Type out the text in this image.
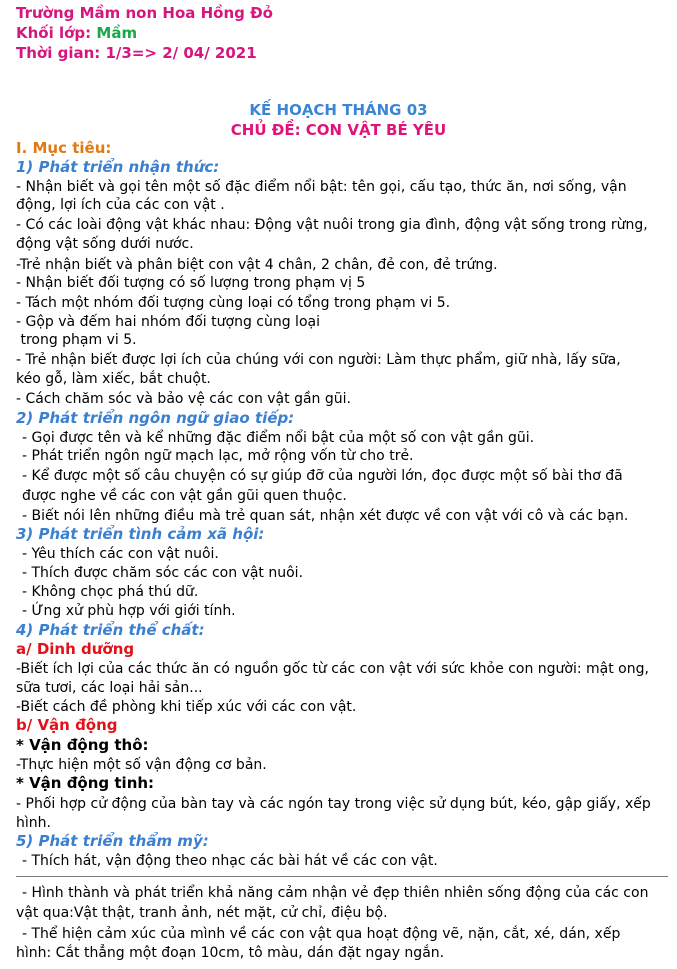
Trường Mầm non Hoa Hồng Đỏ
Khối lớp: Mầm
Thời gian: 1/3=> 2/ 04/ 2021
KẾ HOẠCH THÁNG 03
CHỦ ĐỀ: CON VẬT BÉ YÊU
I. Mục tiêu:
1) Phát triển nhận thức:
- Nhận biết và gọi tên một số đặc điểm nổi bật: tên gọi, cấu tạo, thức ăn, nơi sống, vận
động, lợi ích của các con vật .
- Có các loài động vật khác nhau: Động vật nuôi trong gia đình, động vật sống trong rừng,
động vật sống dưới nước.
-Trẻ nhận biết và phân biệt con vật 4 chân, 2 chân, đẻ con, đẻ trứng.
- Nhận biết đối tượng có số lượng trong phạm vị 5
- Tách một nhóm đối tượng cùng loại có tổng trong phạm vi 5.
- Gộp và đếm hai nhóm đối tượng cùng loại
trong phạm vi 5.
- Trẻ nhận biết được lợi ích của chúng với con người: Làm thực phẩm, giữ nhà, lấy sữa,
kéo gỗ, làm xiếc, bắt chuột.
- Cách chăm sóc và bảo vệ các con vật gần gũi.
2) Phát triển ngôn ngữ giao tiếp:
- Gọi được tên và kể những đặc điểm nổi bật của một số con vật gần gũi.
- Phát triển ngôn ngữ mạch lạc, mở rộng vốn từ cho trẻ.
- Kể được một số câu chuyện có sự giúp đỡ của người lớn, đọc được một số bài thơ đã
được nghe về các con vật gần gũi quen thuộc.
- Biết nói lên những điều mà trẻ quan sát, nhận xét được về con vật với cô và các bạn.
3) Phát triển tình cảm xã hội:
- Yêu thích các con vật nuôi.
- Thích được chăm sóc các con vật nuôi.
- Không chọc phá thú dữ.
- Ứng xử phù hợp với giới tính.
4) Phát triển thể chất:
a/ Dinh dưỡng
-Biết ích lợi của các thức ăn có nguồn gốc từ các con vật với sức khỏe con người: mật ong,
sữa tươi, các loại hải sản...
-Biết cách đề phòng khi tiếp xúc với các con vật.
b/ Vận động
* Vận động thô:
-Thực hiện một số vận động cơ bản.
* Vận động tinh:
- Phối hợp cử động của bàn tay và các ngón tay trong việc sử dụng bút, kéo, gập giấy, xếp
hình.
5) Phát triển thẩm mỹ:
- Thích hát, vận động theo nhạc các bài hát về các con vật.
- Hình thành và phát triển khả năng cảm nhận vẻ đẹp thiên nhiên sống động của các con
vật qua:Vật thật, tranh ảnh, nét mặt, cử chỉ, điệu bộ.
- Thể hiện cảm xúc của mình về các con vật qua hoạt động vẽ, nặn, cắt, xé, dán, xếp
hình: Cắt thẳng một đoạn 10cm, tô màu, dán đặt ngay ngắn.
